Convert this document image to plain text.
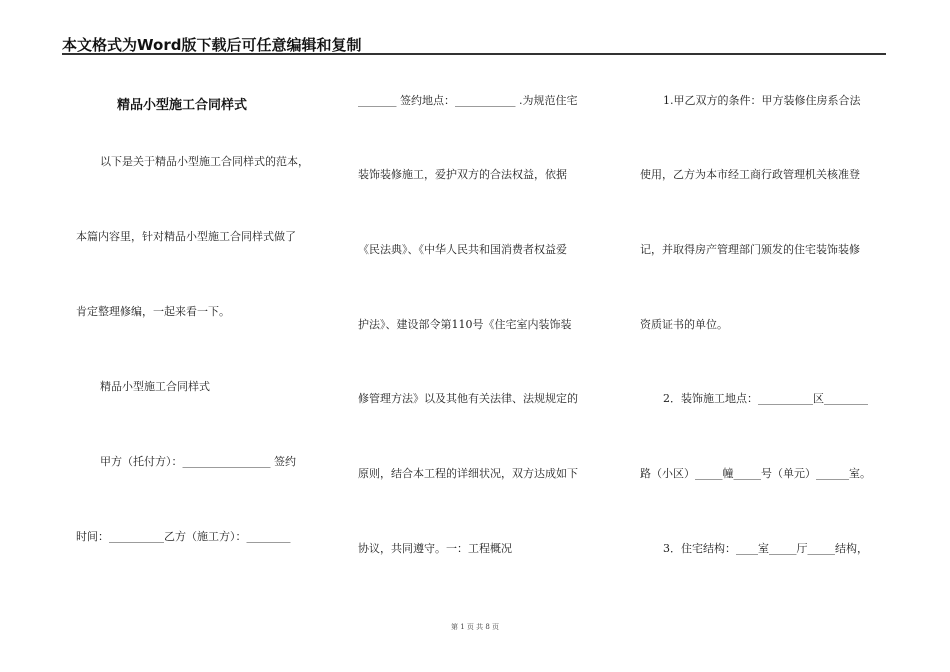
本文格式为Word版下载后可任意编辑和复制
精品小型施工合同样式
以下是关于精品小型施工合同样式的范本，
本篇内容里，针对精品小型施工合同样式做了
肯定整理修编，一起来看一下。
精品小型施工合同样式
甲方（托付方）：________________ 签约
时间：__________乙方（施工方）：________
_______ 签约地点：___________ .为规范住宅
装饰装修施工，爱护双方的合法权益，依据
《民法典》、《中华人民共和国消费者权益爱
护法》、建设部令第110号《住宅室内装饰装
修管理方法》以及其他有关法律、法规规定的
原则，结合本工程的详细状况，双方达成如下
协议，共同遵守。一：工程概况
1.甲乙双方的条件：甲方装修住房系合法
使用，乙方为本市经工商行政管理机关核准登
记，并取得房产管理部门颁发的住宅装饰装修
资质证书的单位。
2．装饰施工地点：__________区________
路（小区）_____幢_____号（单元）______室。
3．住宅结构：____室_____厅_____结构，
第 1 页 共 8 页
